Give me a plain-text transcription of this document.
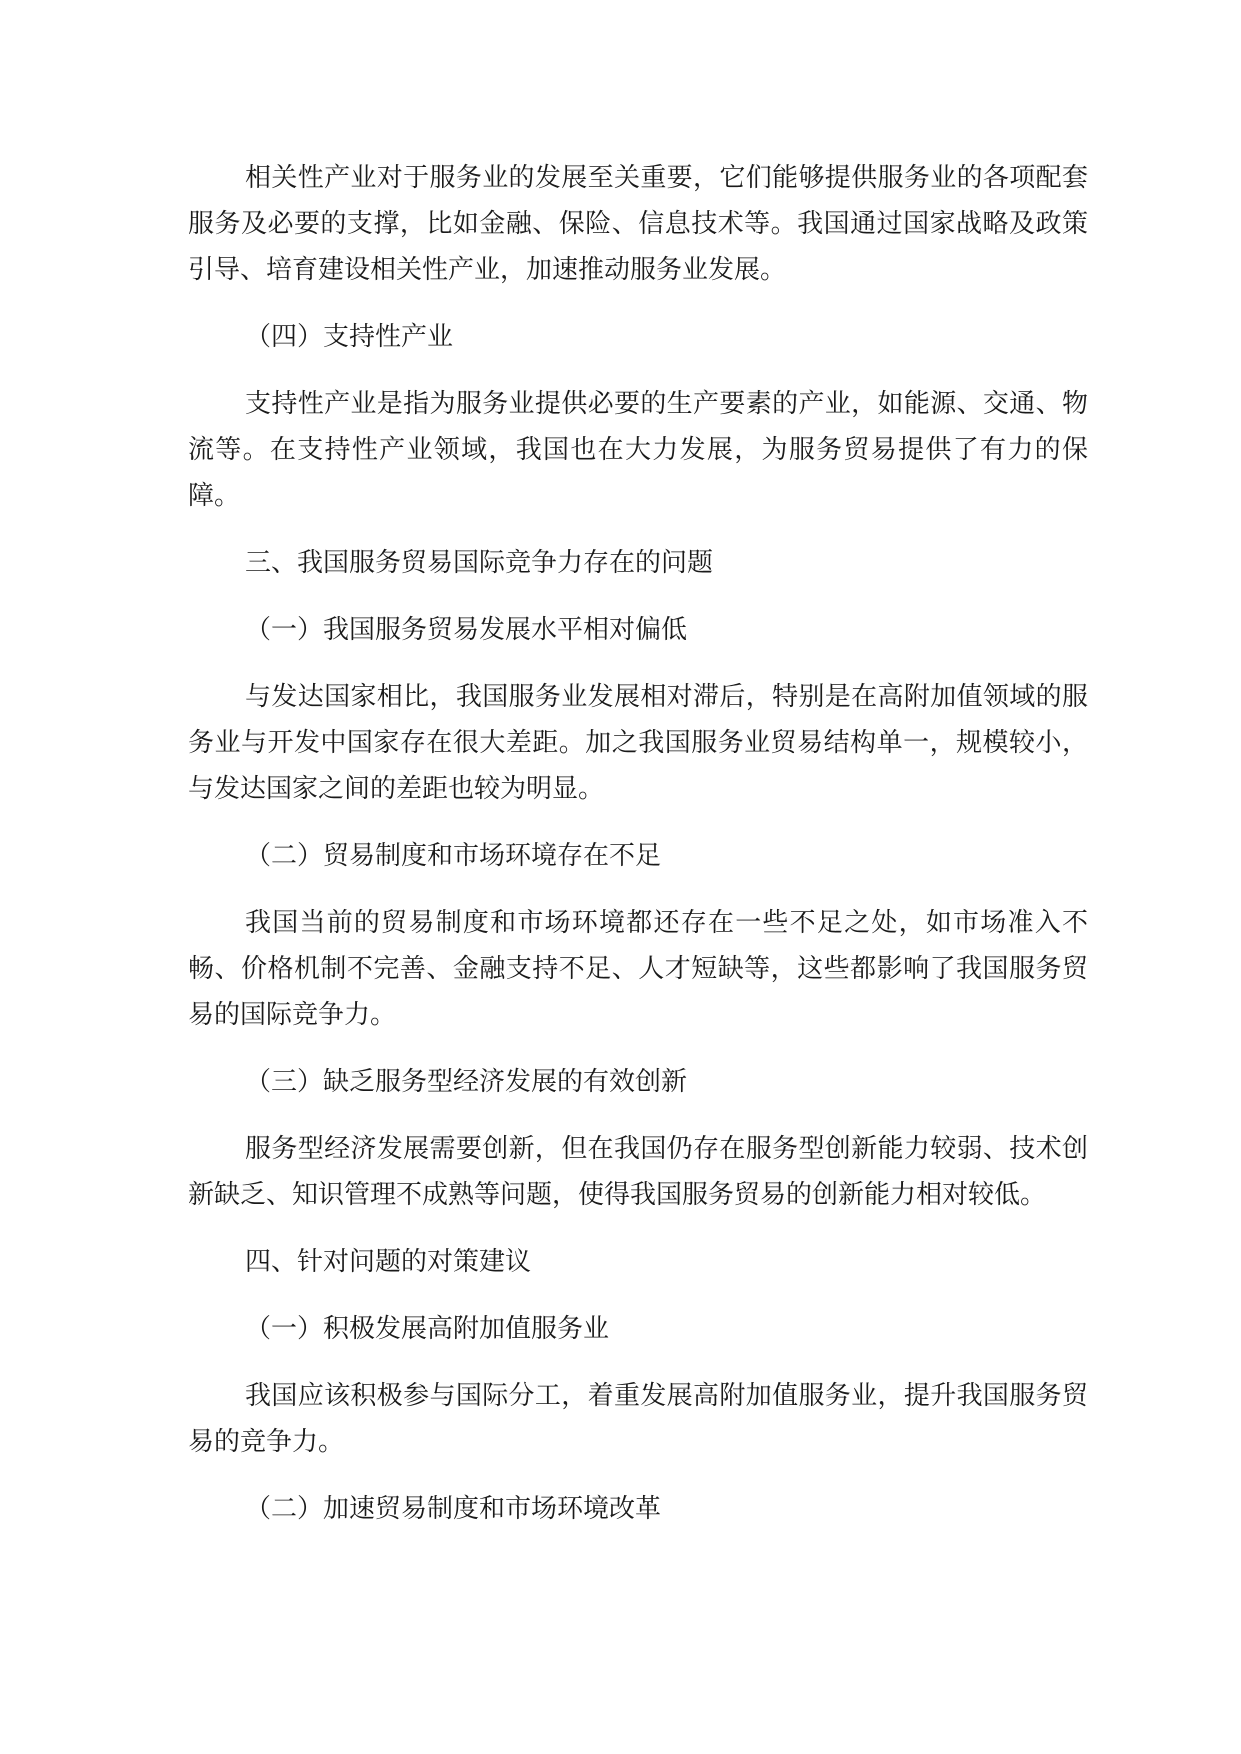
相关性产业对于服务业的发展至关重要，它们能够提供服务业的各项配套服务及必要的支撑，比如金融、保险、信息技术等。我国通过国家战略及政策引导、培育建设相关性产业，加速推动服务业发展。

（四）支持性产业

支持性产业是指为服务业提供必要的生产要素的产业，如能源、交通、物流等。在支持性产业领域，我国也在大力发展，为服务贸易提供了有力的保障。

三、我国服务贸易国际竞争力存在的问题

（一）我国服务贸易发展水平相对偏低

与发达国家相比，我国服务业发展相对滞后，特别是在高附加值领域的服务业与开发中国家存在很大差距。加之我国服务业贸易结构单一，规模较小，与发达国家之间的差距也较为明显。

（二）贸易制度和市场环境存在不足

我国当前的贸易制度和市场环境都还存在一些不足之处，如市场准入不畅、价格机制不完善、金融支持不足、人才短缺等，这些都影响了我国服务贸易的国际竞争力。

（三）缺乏服务型经济发展的有效创新

服务型经济发展需要创新，但在我国仍存在服务型创新能力较弱、技术创新缺乏、知识管理不成熟等问题，使得我国服务贸易的创新能力相对较低。

四、针对问题的对策建议

（一）积极发展高附加值服务业

我国应该积极参与国际分工，着重发展高附加值服务业，提升我国服务贸易的竞争力。

（二）加速贸易制度和市场环境改革
